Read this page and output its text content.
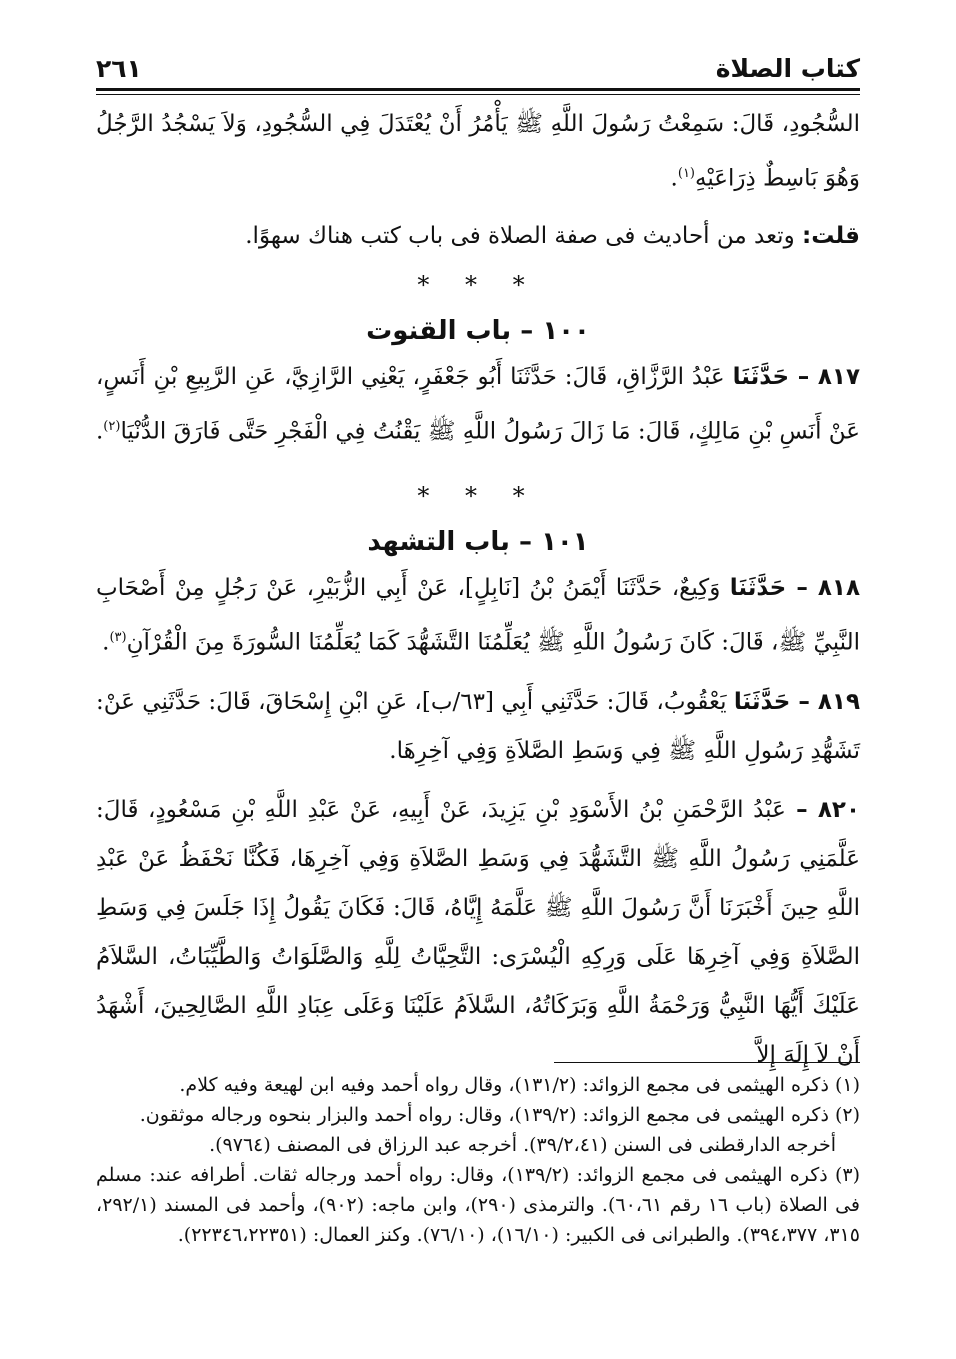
كتاب الصلاة
٢٦١

السُّجُودِ، قَالَ: سَمِعْتُ رَسُولَ اللَّهِ ﷺ يَأْمُرُ أَنْ يُعْتَدَلَ فِي السُّجُودِ، وَلاَ يَسْجُدُ الرَّجُلُ وَهُوَ بَاسِطٌ ذِرَاعَيْهِ$^{(١)}$.

قلت: وتعد من أحاديث فى صفة الصلاة فى باب كتب هناك سهوًا.

* * *

١٠٠ – باب القنوت

٨١٧ – حَدَّثَنَا عَبْدُ الرَّزَّاقِ، قَالَ: حَدَّثَنَا أَبُو جَعْفَرٍ، يَعْنِي الرَّازِيَّ، عَنِ الرَّبِيعِ بْنِ أَنَسٍ، عَنْ أَنَسِ بْنِ مَالِكٍ، قَالَ: مَا زَالَ رَسُولُ اللَّهِ ﷺ يَقْنُتُ فِي الْفَجْرِ حَتَّى فَارَقَ الدُّنْيَا$^{(٢)}$.

* * *

١٠١ – باب التشهد

٨١٨ – حَدَّثَنَا وَكِيعٌ، حَدَّثَنَا أَيْمَنُ بْنُ [نَابِلٍ]، عَنْ أَبِي الزُّبَيْرِ، عَنْ رَجُلٍ مِنْ أَصْحَابِ النَّبِيِّ ﷺ، قَالَ: كَانَ رَسُولُ اللَّهِ ﷺ يُعَلِّمُنَا التَّشَهُّدَ كَمَا يُعَلِّمُنَا السُّورَةَ مِنَ الْقُرْآنِ$^{(٣)}$.

٨١٩ – حَدَّثَنَا يَعْقُوبُ، قَالَ: حَدَّثَنِي أَبِي [٦٣/ب]، عَنِ ابْنِ إِسْحَاقَ، قَالَ: حَدَّثَنِي عَنْ: تَشَهُّدِ رَسُولِ اللَّهِ ﷺ فِي وَسَطِ الصَّلاَةِ وَفِي آخِرِهَا.

٨٢٠ – عَبْدُ الرَّحْمَنِ بْنُ الأَسْوَدِ بْنِ يَزِيدَ، عَنْ أَبِيهِ، عَنْ عَبْدِ اللَّهِ بْنِ مَسْعُودٍ، قَالَ: عَلَّمَنِي رَسُولُ اللَّهِ ﷺ التَّشَهُّدَ فِي وَسَطِ الصَّلاَةِ وَفِي آخِرِهَا، فَكُنَّا نَحْفَظُ عَنْ عَبْدِ اللَّهِ حِينَ أَخْبَرَنَا أَنَّ رَسُولَ اللَّهِ ﷺ عَلَّمَهُ إِيَّاهُ، قَالَ: فَكَانَ يَقُولُ إِذَا جَلَسَ فِي وَسَطِ الصَّلاَةِ وَفِي آخِرِهَا عَلَى وَرِكِهِ الْيُسْرَى: التَّحِيَّاتُ لِلَّهِ وَالصَّلَوَاتُ وَالطَّيِّبَاتُ، السَّلاَمُ عَلَيْكَ أَيُّهَا النَّبِيُّ وَرَحْمَةُ اللَّهِ وَبَرَكَاتُهُ، السَّلاَمُ عَلَيْنَا وَعَلَى عِبَادِ اللَّهِ الصَّالِحِينَ، أَشْهَدُ أَنْ لاَ إِلَهَ إِلاَّ

(١) ذكره الهيثمى فى مجمع الزوائد: (١٣١/٢)، وقال رواه أحمد وفيه ابن لهيعة وفيه كلام.

(٢) ذكره الهيثمى فى مجمع الزوائد: (١٣٩/٢)، وقال: رواه أحمد والبزار بنحوه ورجاله موثقون.
أخرجه الدارقطنى فى السنن (٣٩/٢،٤١). أخرجه عبد الرزاق فى المصنف (٩٧٦٤).

(٣) ذكره الهيثمى فى مجمع الزوائد: (١٣٩/٢)، وقال: رواه أحمد ورجاله ثقات. أطرافه عند: مسلم فى الصلاة (باب ١٦ رقم ٦٠،٦١). والترمذى (٢٩٠)، وابن ماجه: (٩٠٢)، وأحمد فى المسند (٢٩٢/١، ٣١٥، ٣٩٤،٣٧٧). والطبرانى فى الكبير: (١٦/١٠)، (٧٦/١٠). وكنز العمال: (٢٢٣٤٦،٢٢٣٥١).
